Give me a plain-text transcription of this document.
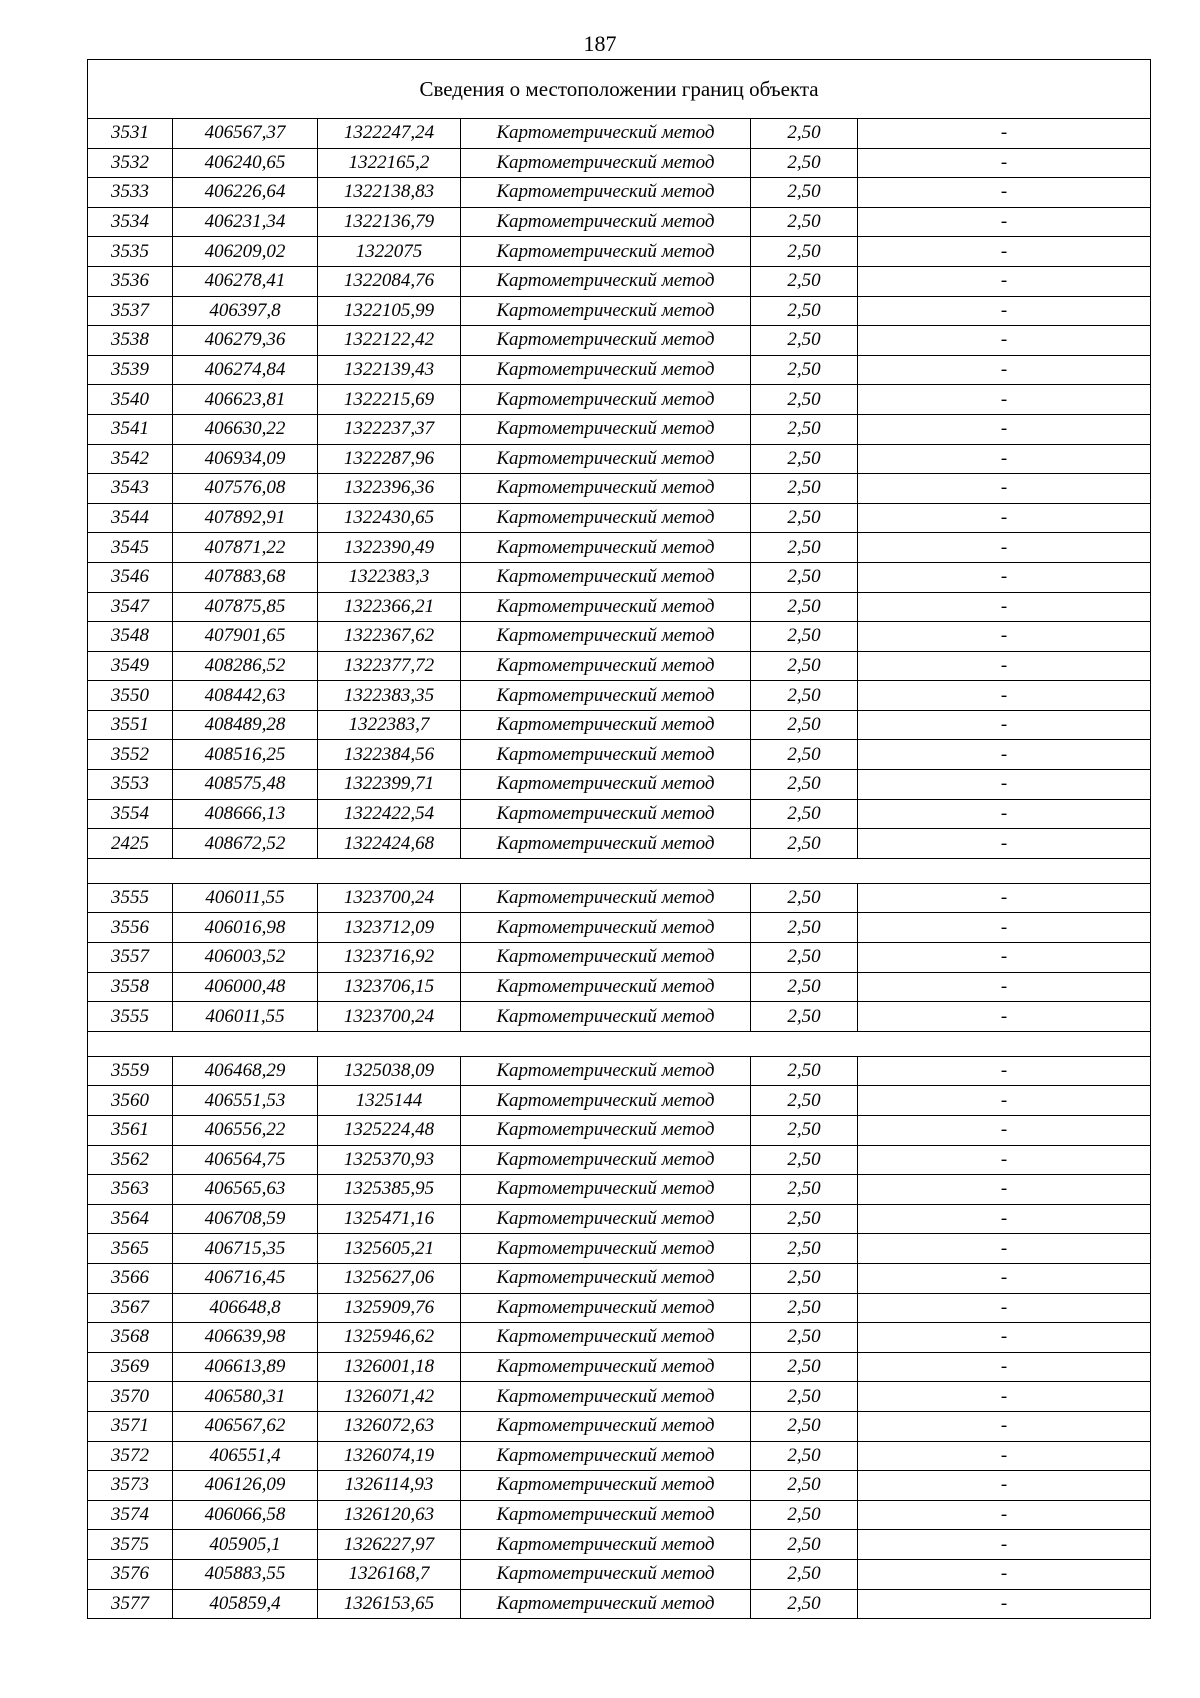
187
Сведения о местоположении границ объекта					
3531	406567,37	1322247,24	Картометрический метод	2,50	-
3532	406240,65	1322165,2	Картометрический метод	2,50	-
3533	406226,64	1322138,83	Картометрический метод	2,50	-
3534	406231,34	1322136,79	Картометрический метод	2,50	-
3535	406209,02	1322075	Картометрический метод	2,50	-
3536	406278,41	1322084,76	Картометрический метод	2,50	-
3537	406397,8	1322105,99	Картометрический метод	2,50	-
3538	406279,36	1322122,42	Картометрический метод	2,50	-
3539	406274,84	1322139,43	Картометрический метод	2,50	-
3540	406623,81	1322215,69	Картометрический метод	2,50	-
3541	406630,22	1322237,37	Картометрический метод	2,50	-
3542	406934,09	1322287,96	Картометрический метод	2,50	-
3543	407576,08	1322396,36	Картометрический метод	2,50	-
3544	407892,91	1322430,65	Картометрический метод	2,50	-
3545	407871,22	1322390,49	Картометрический метод	2,50	-
3546	407883,68	1322383,3	Картометрический метод	2,50	-
3547	407875,85	1322366,21	Картометрический метод	2,50	-
3548	407901,65	1322367,62	Картометрический метод	2,50	-
3549	408286,52	1322377,72	Картометрический метод	2,50	-
3550	408442,63	1322383,35	Картометрический метод	2,50	-
3551	408489,28	1322383,7	Картометрический метод	2,50	-
3552	408516,25	1322384,56	Картометрический метод	2,50	-
3553	408575,48	1322399,71	Картометрический метод	2,50	-
3554	408666,13	1322422,54	Картометрический метод	2,50	-
2425	408672,52	1322424,68	Картометрический метод	2,50	-

3555	406011,55	1323700,24	Картометрический метод	2,50	-
3556	406016,98	1323712,09	Картометрический метод	2,50	-
3557	406003,52	1323716,92	Картометрический метод	2,50	-
3558	406000,48	1323706,15	Картометрический метод	2,50	-
3555	406011,55	1323700,24	Картометрический метод	2,50	-

3559	406468,29	1325038,09	Картометрический метод	2,50	-
3560	406551,53	1325144	Картометрический метод	2,50	-
3561	406556,22	1325224,48	Картометрический метод	2,50	-
3562	406564,75	1325370,93	Картометрический метод	2,50	-
3563	406565,63	1325385,95	Картометрический метод	2,50	-
3564	406708,59	1325471,16	Картометрический метод	2,50	-
3565	406715,35	1325605,21	Картометрический метод	2,50	-
3566	406716,45	1325627,06	Картометрический метод	2,50	-
3567	406648,8	1325909,76	Картометрический метод	2,50	-
3568	406639,98	1325946,62	Картометрический метод	2,50	-
3569	406613,89	1326001,18	Картометрический метод	2,50	-
3570	406580,31	1326071,42	Картометрический метод	2,50	-
3571	406567,62	1326072,63	Картометрический метод	2,50	-
3572	406551,4	1326074,19	Картометрический метод	2,50	-
3573	406126,09	1326114,93	Картометрический метод	2,50	-
3574	406066,58	1326120,63	Картометрический метод	2,50	-
3575	405905,1	1326227,97	Картометрический метод	2,50	-
3576	405883,55	1326168,7	Картометрический метод	2,50	-
3577	405859,4	1326153,65	Картометрический метод	2,50	-
